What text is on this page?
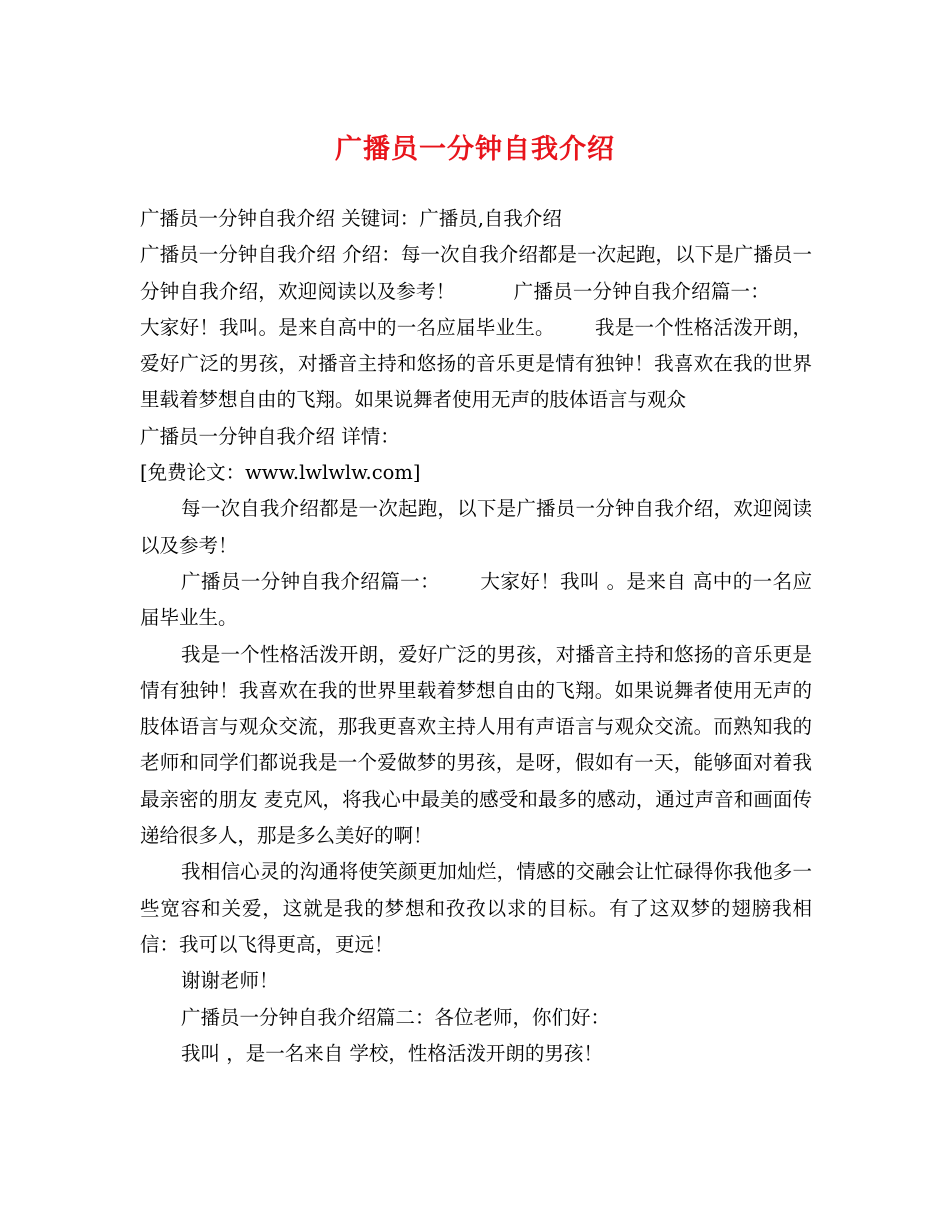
广播员一分钟自我介绍

广播员一分钟自我介绍 关键词：广播员,自我介绍

广播员一分钟自我介绍 介绍：每一次自我介绍都是一次起跑，以下是广播员一分钟自我介绍，欢迎阅读以及参考！	广播员一分钟自我介绍篇一：大家好！我叫。是来自高中的一名应届毕业生。 我是一个性格活泼开朗，爱好广泛的男孩，对播音主持和悠扬的音乐更是情有独钟！我喜欢在我的世界里载着梦想自由的飞翔。如果说舞者使用无声的肢体语言与观众

广播员一分钟自我介绍 详情：

[免费论文：www.lwlwlw.com]

每一次自我介绍都是一次起跑，以下是广播员一分钟自我介绍，欢迎阅读以及参考！

广播员一分钟自我介绍篇一： 大家好！我叫 。是来自 高中的一名应届毕业生。

我是一个性格活泼开朗，爱好广泛的男孩，对播音主持和悠扬的音乐更是情有独钟！我喜欢在我的世界里载着梦想自由的飞翔。如果说舞者使用无声的肢体语言与观众交流，那我更喜欢主持人用有声语言与观众交流。而熟知我的老师和同学们都说我是一个爱做梦的男孩，是呀，假如有一天，能够面对着我最亲密的朋友 麦克风，将我心中最美的感受和最多的感动，通过声音和画面传递给很多人，那是多么美好的啊！

我相信心灵的沟通将使笑颜更加灿烂，情感的交融会让忙碌得你我他多一些宽容和关爱，这就是我的梦想和孜孜以求的目标。有了这双梦的翅膀我相信：我可以飞得更高，更远！

谢谢老师！

广播员一分钟自我介绍篇二：各位老师，你们好：

我叫 ，是一名来自 学校，性格活泼开朗的男孩！
